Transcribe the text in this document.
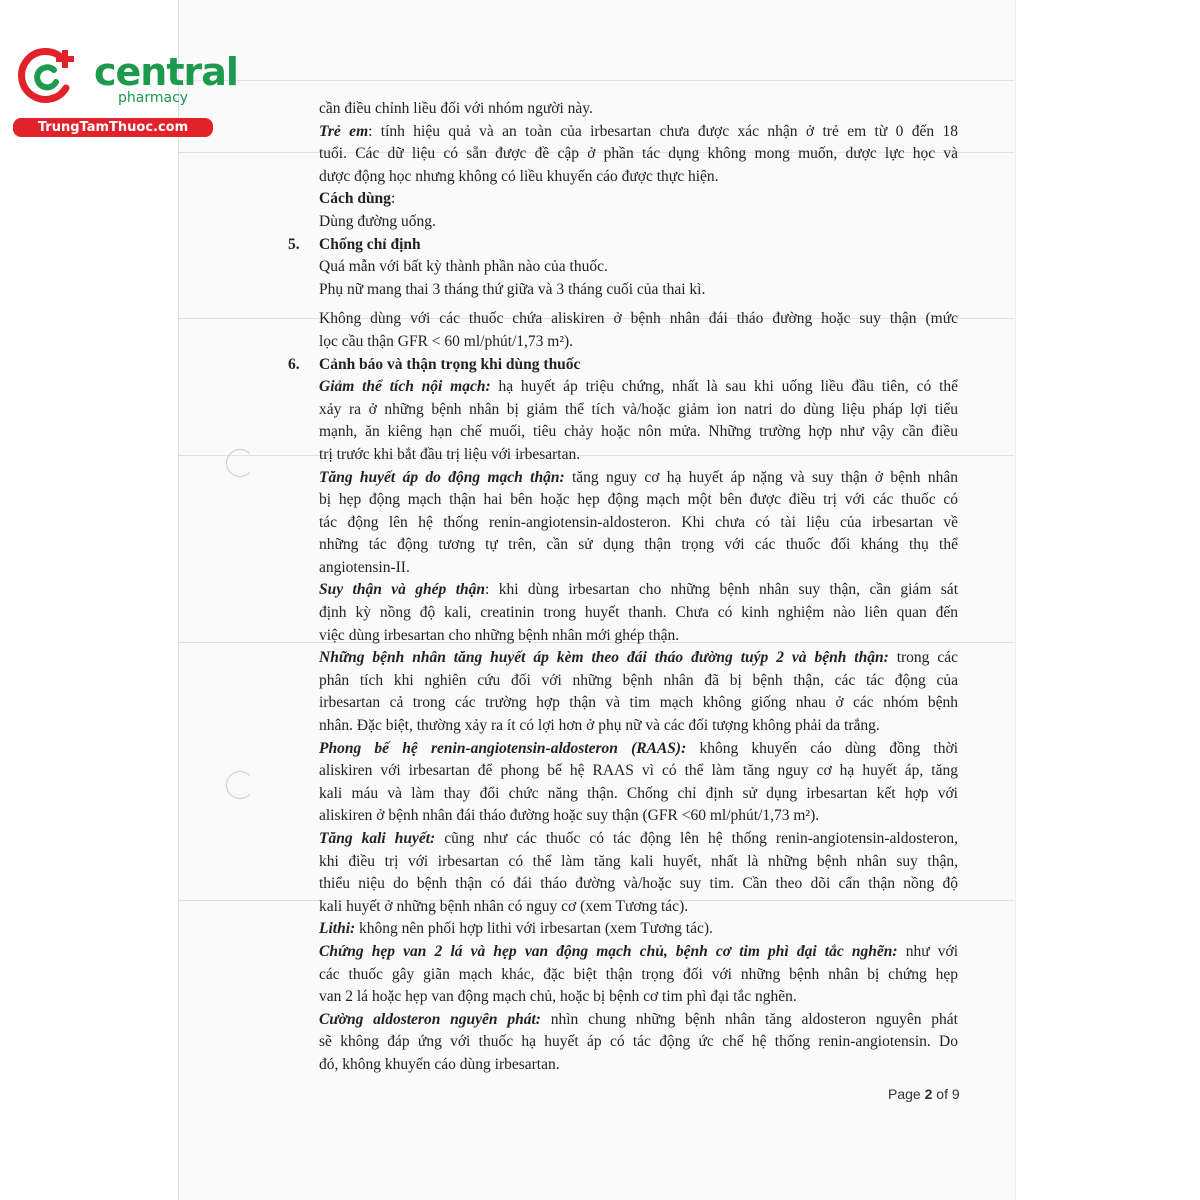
central
pharmacy
TrungTamThuoc.com
cần điều chỉnh liều đối với nhóm người này.
Trẻ em: tính hiệu quả và an toàn của irbesartan chưa được xác nhận ở trẻ em từ 0 đến 18
tuổi. Các dữ liệu có sẵn được đề cập ở phần tác dụng không mong muốn, dược lực học và
dược động học nhưng không có liều khuyến cáo được thực hiện.
Cách dùng:
Dùng đường uống.
5. Chống chỉ định
Quá mẫn với bất kỳ thành phần nào của thuốc.
Phụ nữ mang thai 3 tháng thứ giữa và 3 tháng cuối của thai kì.
Không dùng với các thuốc chứa aliskiren ở bệnh nhân đái tháo đường hoặc suy thận (mức
lọc cầu thận GFR < 60 ml/phút/1,73 m²).
6. Cảnh báo và thận trọng khi dùng thuốc
Giảm thể tích nội mạch: hạ huyết áp triệu chứng, nhất là sau khi uống liều đầu tiên, có thể
xảy ra ở những bệnh nhân bị giảm thể tích và/hoặc giảm ion natri do dùng liệu pháp lợi tiểu
mạnh, ăn kiêng hạn chế muối, tiêu chảy hoặc nôn mửa. Những trường hợp như vậy cần điều
trị trước khi bắt đầu trị liệu với irbesartan.
Tăng huyết áp do động mạch thận: tăng nguy cơ hạ huyết áp nặng và suy thận ở bệnh nhân
bị hẹp động mạch thận hai bên hoặc hẹp động mạch một bên được điều trị với các thuốc có
tác động lên hệ thống renin-angiotensin-aldosteron. Khi chưa có tài liệu của irbesartan về
những tác động tương tự trên, cần sử dụng thận trọng với các thuốc đối kháng thụ thể
angiotensin-II.
Suy thận và ghép thận: khi dùng irbesartan cho những bệnh nhân suy thận, cần giám sát
định kỳ nồng độ kali, creatinin trong huyết thanh. Chưa có kinh nghiệm nào liên quan đến
việc dùng irbesartan cho những bệnh nhân mới ghép thận.
Những bệnh nhân tăng huyết áp kèm theo đái tháo đường tuýp 2 và bệnh thận: trong các
phân tích khi nghiên cứu đối với những bệnh nhân đã bị bệnh thận, các tác động của
irbesartan cả trong các trường hợp thận và tim mạch không giống nhau ở các nhóm bệnh
nhân. Đặc biệt, thường xảy ra ít có lợi hơn ở phụ nữ và các đối tượng không phải da trắng.
Phong bế hệ renin-angiotensin-aldosteron (RAAS): không khuyến cáo dùng đồng thời
aliskiren với irbesartan để phong bế hệ RAAS vì có thể làm tăng nguy cơ hạ huyết áp, tăng
kali máu và làm thay đổi chức năng thận. Chống chỉ định sử dụng irbesartan kết hợp với
aliskiren ở bệnh nhân đái tháo đường hoặc suy thận (GFR <60 ml/phút/1,73 m²).
Tăng kali huyết: cũng như các thuốc có tác động lên hệ thống renin-angiotensin-aldosteron,
khi điều trị với irbesartan có thể làm tăng kali huyết, nhất là những bệnh nhân suy thận,
thiểu niệu do bệnh thận có đái tháo đường và/hoặc suy tim. Cần theo dõi cẩn thận nồng độ
kali huyết ở những bệnh nhân có nguy cơ (xem Tương tác).
Lithi: không nên phối hợp lithi với irbesartan (xem Tương tác).
Chứng hẹp van 2 lá và hẹp van động mạch chủ, bệnh cơ tim phì đại tắc nghẽn: như với
các thuốc gây giãn mạch khác, đặc biệt thận trọng đối với những bệnh nhân bị chứng hẹp
van 2 lá hoặc hẹp van động mạch chủ, hoặc bị bệnh cơ tim phì đại tắc nghẽn.
Cường aldosteron nguyên phát: nhìn chung những bệnh nhân tăng aldosteron nguyên phát
sẽ không đáp ứng với thuốc hạ huyết áp có tác động ức chế hệ thống renin-angiotensin. Do
đó, không khuyến cáo dùng irbesartan.
Page 2 of 9
